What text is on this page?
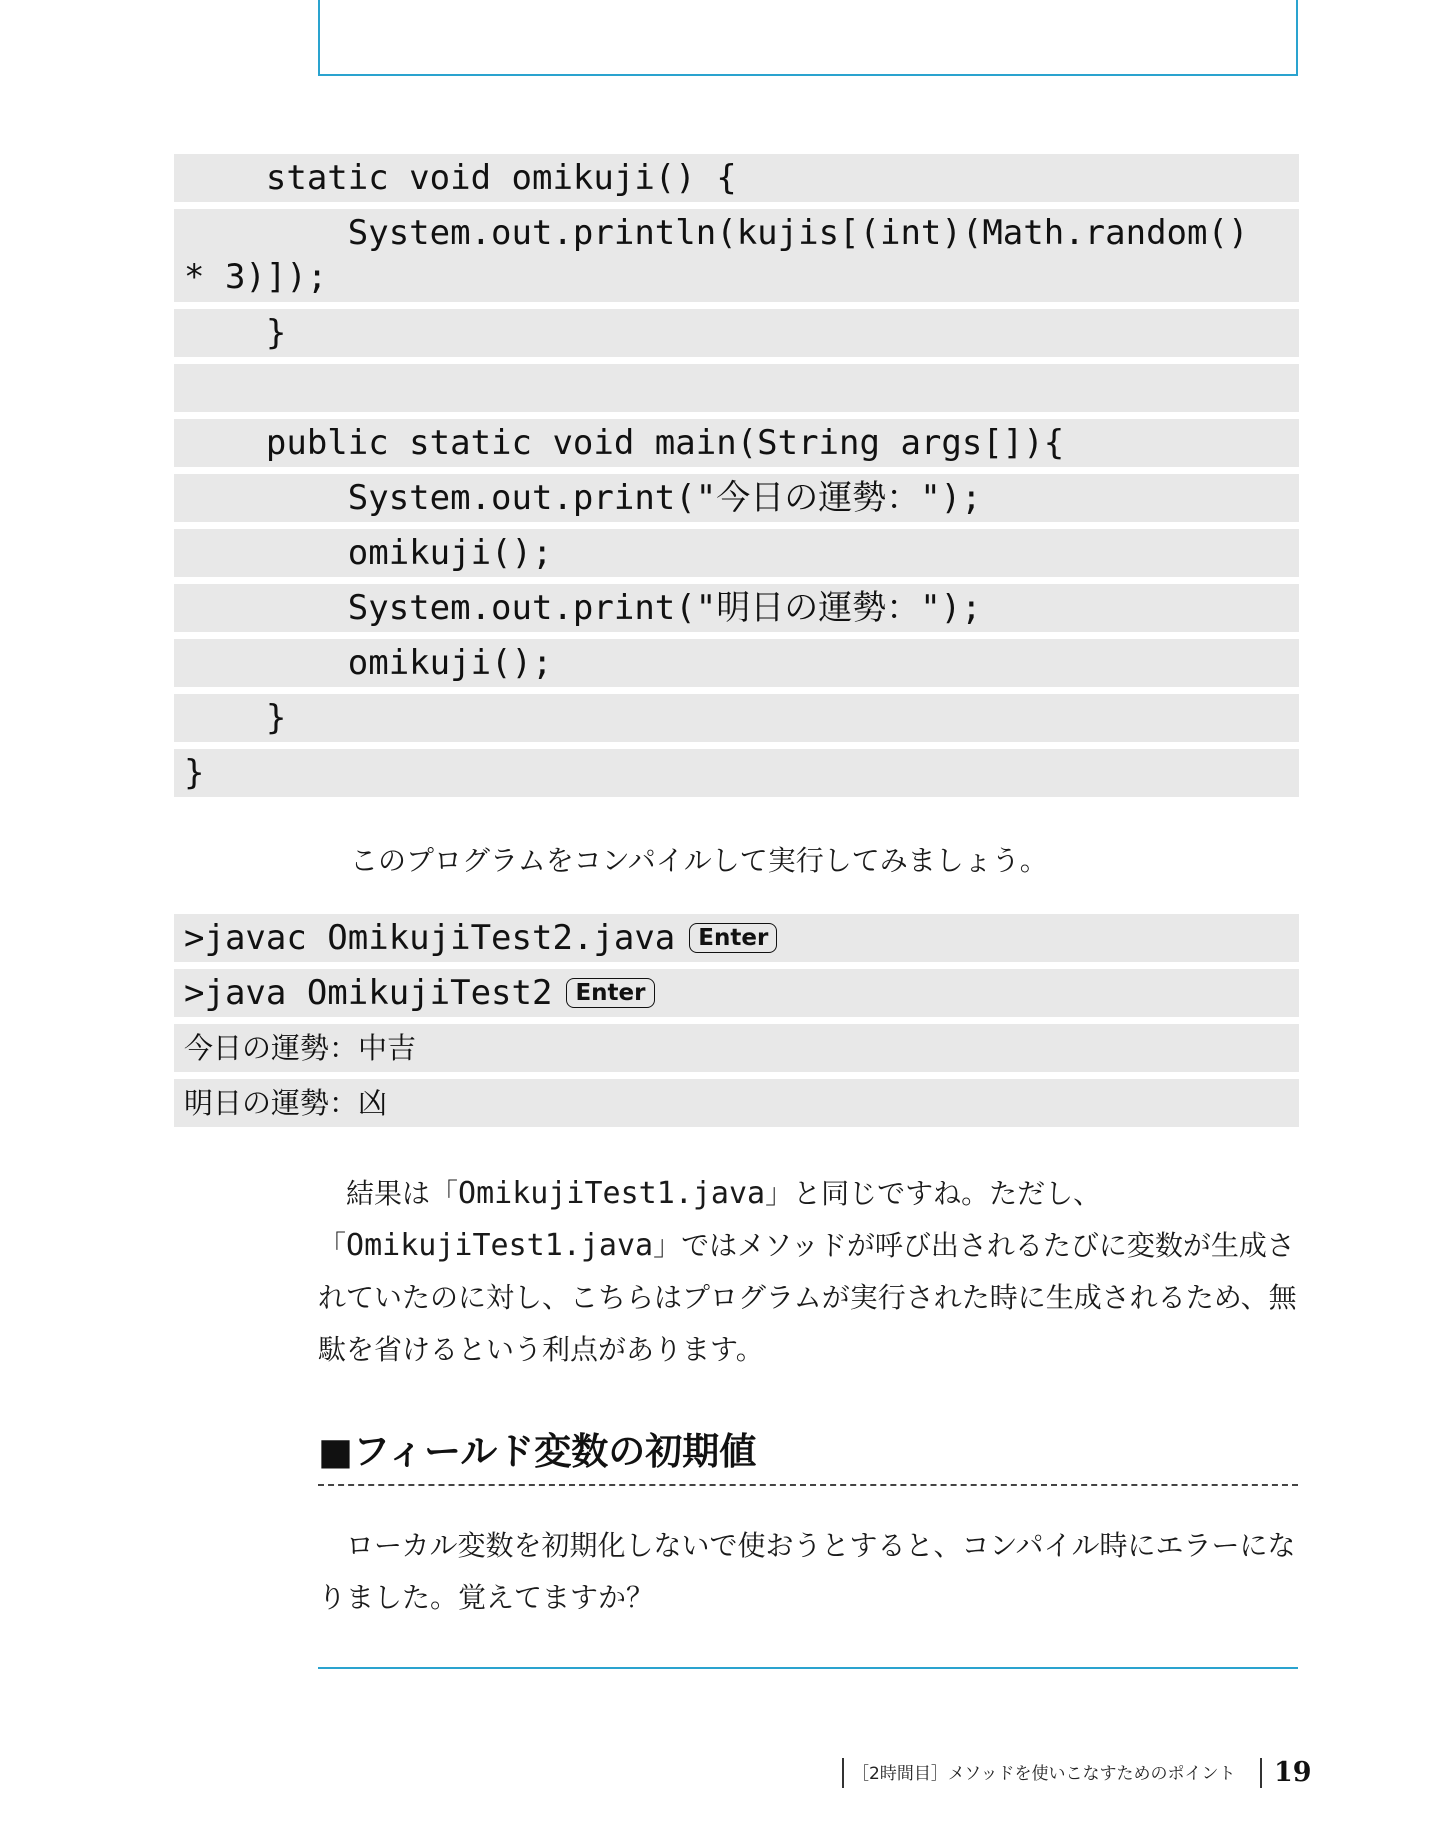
static void omikuji() {
System.out.println(kujis[(int)(Math.random() * 3)]);
}
public static void main(String args[]){
System.out.print("今日の運勢：");
omikuji();
System.out.print("明日の運勢：");
omikuji();
}
}
このプログラムをコンパイルして実行してみましょう。
>javac OmikujiTest2.java Enter
>java OmikujiTest2 Enter
今日の運勢：中吉
明日の運勢：凶
　結果は「OmikujiTest1.java」と同じですね。ただし、「OmikujiTest1.java」ではメソッドが呼び出されるたびに変数が生成されていたのに対し、こちらはプログラムが実行された時に生成されるため、無駄を省けるという利点があります。
■フィールド変数の初期値
　ローカル変数を初期化しないで使おうとすると、コンパイル時にエラーになりました。覚えてますか？
［2時間目］メソッドを使いこなすためのポイント 19
